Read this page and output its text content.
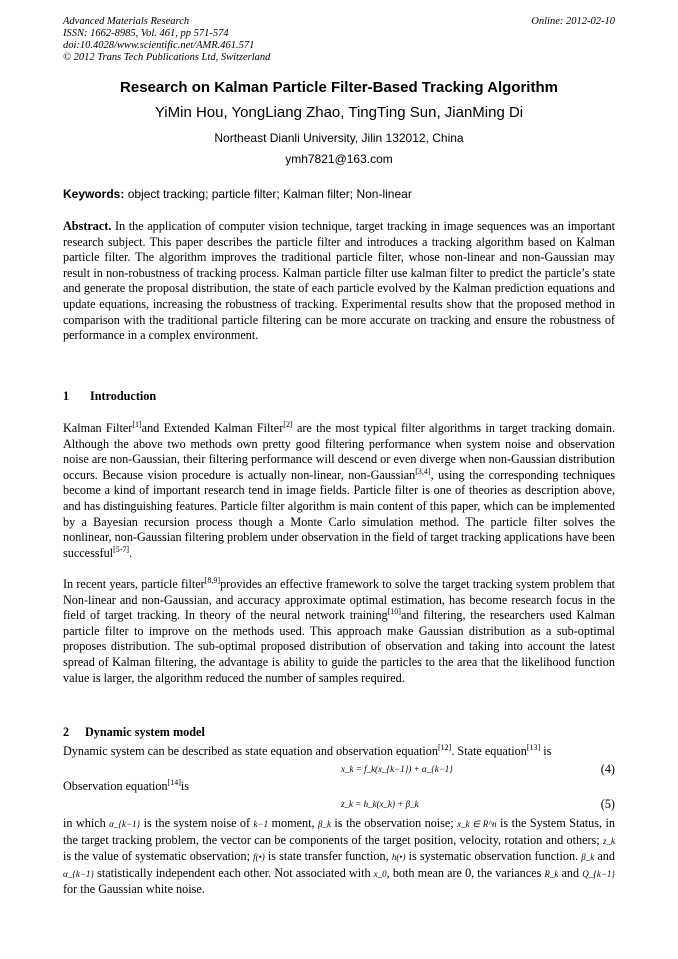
Advanced Materials Research
ISSN: 1662-8985, Vol. 461, pp 571-574
doi:10.4028/www.scientific.net/AMR.461.571
© 2012 Trans Tech Publications Ltd, Switzerland
Online: 2012-02-10
Research on Kalman Particle Filter-Based Tracking Algorithm
YiMin Hou, YongLiang Zhao, TingTing Sun, JianMing Di
Northeast Dianli University, Jilin 132012, China
ymh7821@163.com
Keywords: object tracking; particle filter; Kalman filter; Non-linear

Abstract. In the application of computer vision technique, target tracking in image sequences was an important research subject. This paper describes the particle filter and introduces a tracking algorithm based on Kalman particle filter. The algorithm improves the traditional particle filter, whose non-linear and non-Gaussian may result in non-robustness of tracking process. Kalman particle filter use kalman filter to predict the particle’s state and generate the proposal distribution, the state of each particle evolved by the Kalman prediction equations and update equations, increasing the robustness of tracking. Experimental results show that the proposed method in comparison with the traditional particle filtering can be more accurate on tracking and ensure the robustness of performance in a complex environment.

1 Introduction

Kalman Filter[1]and Extended Kalman Filter[2] are the most typical filter algorithms in target tracking domain. Although the above two methods own pretty good filtering performance when system noise and observation noise are non-Gaussian, their filtering performance will descend or even diverge when non-Gaussian distribution occurs. Because vision procedure is actually non-linear, non-Gaussian[3,4], using the corresponding techniques become a kind of important research tend in image fields. Particle filter is one of theories as description above, and has distinguishing features. Particle filter algorithm is main content of this paper, which can be implemented by a Bayesian recursion process though a Monte Carlo simulation method. The particle filter solves the nonlinear, non-Gaussian filtering problem under observation in the field of target tracking applications have been successful[5-7].

In recent years, particle filter[8,9]provides an effective framework to solve the target tracking system problem that Non-linear and non-Gaussian, and accuracy approximate optimal estimation, has become research focus in the field of target tracking. In theory of the neural network training[10]and filtering, the researchers used Kalman particle filter to improve on the methods used. This approach make Gaussian distribution as a sub-optimal proposes distribution. The sub-optimal proposed distribution of observation and taking into account the latest spread of Kalman filtering, the advantage is ability to guide the particles to the area that the likelihood function value is larger, the algorithm reduced the number of samples required.

2 Dynamic system model

Dynamic system can be described as state equation and observation equation[12]. State equation[13] is

x_k = f_k(x_{k−1}) + α_{k−1}	(4)

Observation equation[14]is

z_k = h_k(x_k) + β_k	(5)

in which α_{k−1} is the system noise of k−1 moment, β_k is the observation noise; x_k ∈ R^n is the System Status, in the target tracking problem, the vector can be components of the target position, velocity, rotation and others; z_k is the value of systematic observation; f(•) is state transfer function, h(•) is systematic observation function. β_k and α_{k−1} statistically independent each other. Not associated with x_0, both mean are 0, the variances R_k and Q_{k−1} for the Gaussian white noise.
